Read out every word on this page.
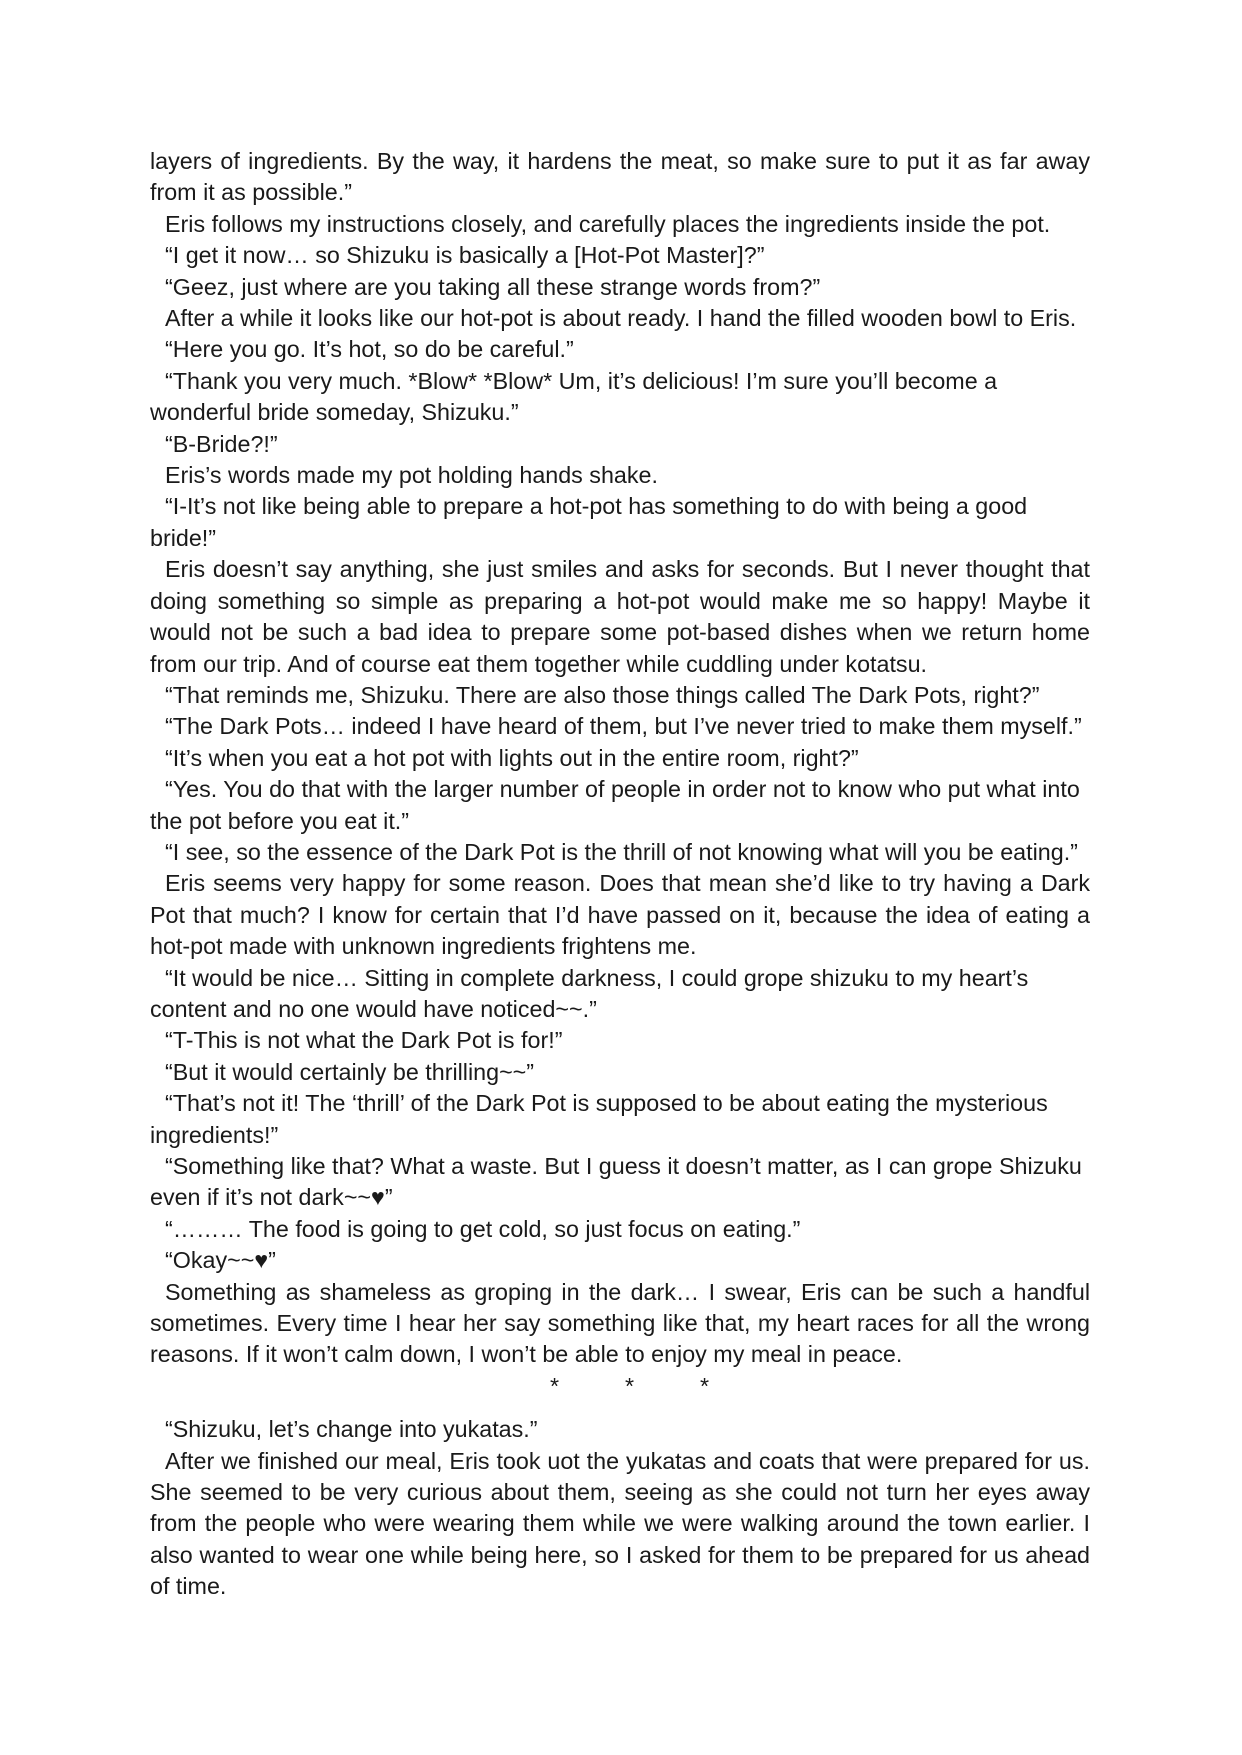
layers of ingredients. By the way, it hardens the meat, so make sure to put it as far away from it as possible.”

Eris follows my instructions closely, and carefully places the ingredients inside the pot.

“I get it now… so Shizuku is basically a [Hot-Pot Master]?”

“Geez, just where are you taking all these strange words from?”

After a while it looks like our hot-pot is about ready. I hand the filled wooden bowl to Eris.

“Here you go. It’s hot, so do be careful.”

“Thank you very much. *Blow* *Blow* Um, it’s delicious! I’m sure you’ll become a wonderful bride someday, Shizuku.”

“B-Bride?!”

Eris’s words made my pot holding hands shake.

“I-It’s not like being able to prepare a hot-pot has something to do with being a good bride!”

Eris doesn’t say anything, she just smiles and asks for seconds. But I never thought that doing something so simple as preparing a hot-pot would make me so happy! Maybe it would not be such a bad idea to prepare some pot-based dishes when we return home from our trip. And of course eat them together while cuddling under kotatsu.

“That reminds me, Shizuku. There are also those things called The Dark Pots, right?”

“The Dark Pots… indeed I have heard of them, but I’ve never tried to make them myself.”

“It’s when you eat a hot pot with lights out in the entire room, right?”

“Yes. You do that with the larger number of people in order not to know who put what into the pot before you eat it.”

“I see, so the essence of the Dark Pot is the thrill of not knowing what will you be eating.”

Eris seems very happy for some reason. Does that mean she’d like to try having a Dark Pot that much? I know for certain that I’d have passed on it, because the idea of eating a hot-pot made with unknown ingredients frightens me.

“It would be nice… Sitting in complete darkness, I could grope shizuku to my heart’s content and no one would have noticed~~.”

“T-This is not what the Dark Pot is for!”

“But it would certainly be thrilling~~”

“That’s not it! The ‘thrill’ of the Dark Pot is supposed to be about eating the mysterious ingredients!”

“Something like that? What a waste. But I guess it doesn’t matter, as I can grope Shizuku even if it’s not dark~~♥”

“……… The food is going to get cold, so just focus on eating.”

“Okay~~♥”

Something as shameless as groping in the dark… I swear, Eris can be such a handful sometimes. Every time I hear her say something like that, my heart races for all the wrong reasons. If it won’t calm down, I won’t be able to enjoy my meal in peace.

*	*	*

“Shizuku, let’s change into yukatas.”

After we finished our meal, Eris took uot the yukatas and coats that were prepared for us. She seemed to be very curious about them, seeing as she could not turn her eyes away from the people who were wearing them while we were walking around the town earlier. I also wanted to wear one while being here, so I asked for them to be prepared for us ahead of time.
